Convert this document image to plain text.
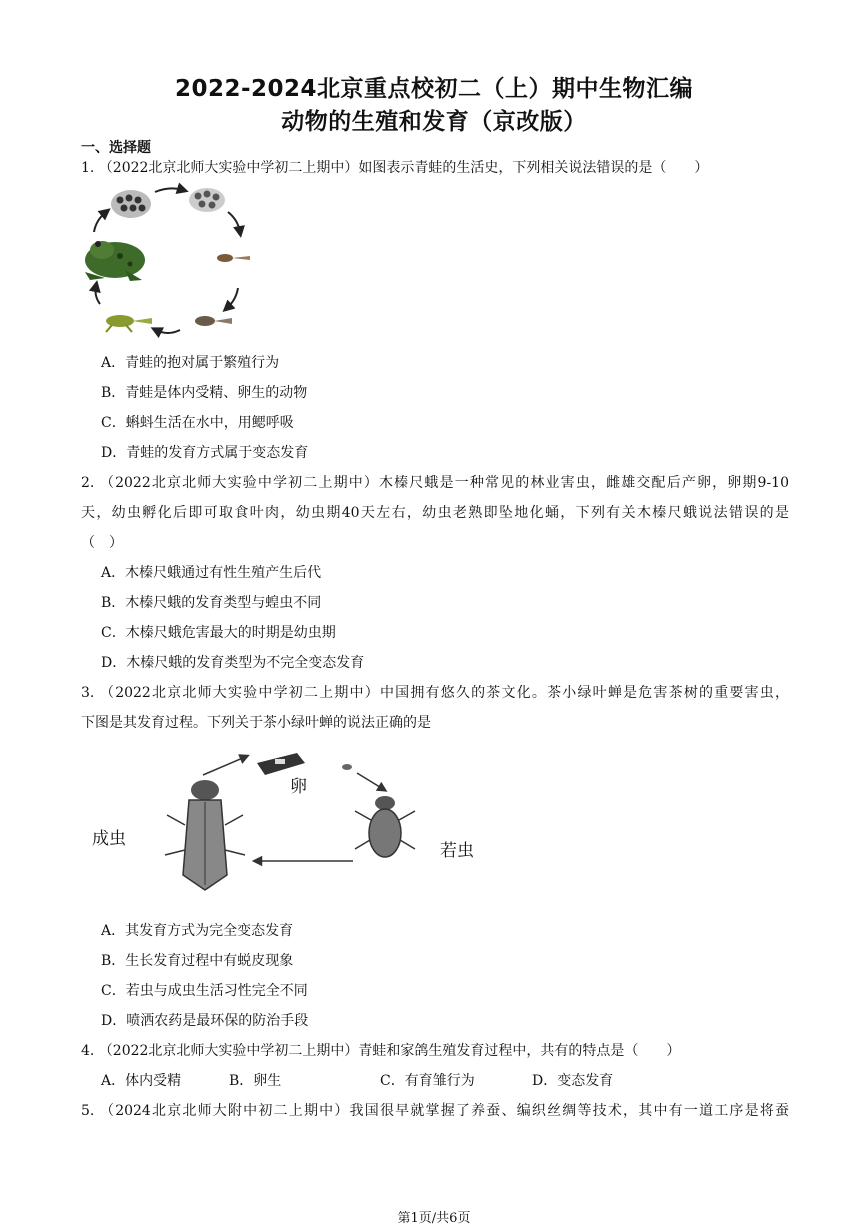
2022-2024北京重点校初二（上）期中生物汇编
动物的生殖和发育（京改版）
一、选择题
1. （2022北京北师大实验中学初二上期中）如图表示青蛙的生活史，下列相关说法错误的是（　　）
A．青蛙的抱对属于繁殖行为
B．青蛙是体内受精、卵生的动物
C．蝌蚪生活在水中，用鳃呼吸
D．青蛙的发育方式属于变态发育
2. （2022北京北师大实验中学初二上期中）木榛尺蛾是一种常见的林业害虫，雌雄交配后产卵，卵期9-10
天，幼虫孵化后即可取食叶肉，幼虫期40天左右，幼虫老熟即坠地化蛹，下列有关木榛尺蛾说法错误的是
（　）
A．木榛尺蛾通过有性生殖产生后代
B．木榛尺蛾的发育类型与蝗虫不同
C．木榛尺蛾危害最大的时期是幼虫期
D．木榛尺蛾的发育类型为不完全变态发育
3. （2022北京北师大实验中学初二上期中）中国拥有悠久的茶文化。茶小绿叶蝉是危害茶树的重要害虫，
下图是其发育过程。下列关于茶小绿叶蝉的说法正确的是
卵
成虫
若虫
A．其发育方式为完全变态发育
B．生长发育过程中有蜕皮现象
C．若虫与成虫生活习性完全不同
D．喷洒农药是最环保的防治手段
4. （2022北京北师大实验中学初二上期中）青蛙和家鸽生殖发育过程中，共有的特点是（　　）
A．体内受精	B．卵生	C．有育雏行为	D．变态发育
5. （2024北京北师大附中初二上期中）我国很早就掌握了养蚕、编织丝绸等技术，其中有一道工序是将蚕
第1页/共6页
